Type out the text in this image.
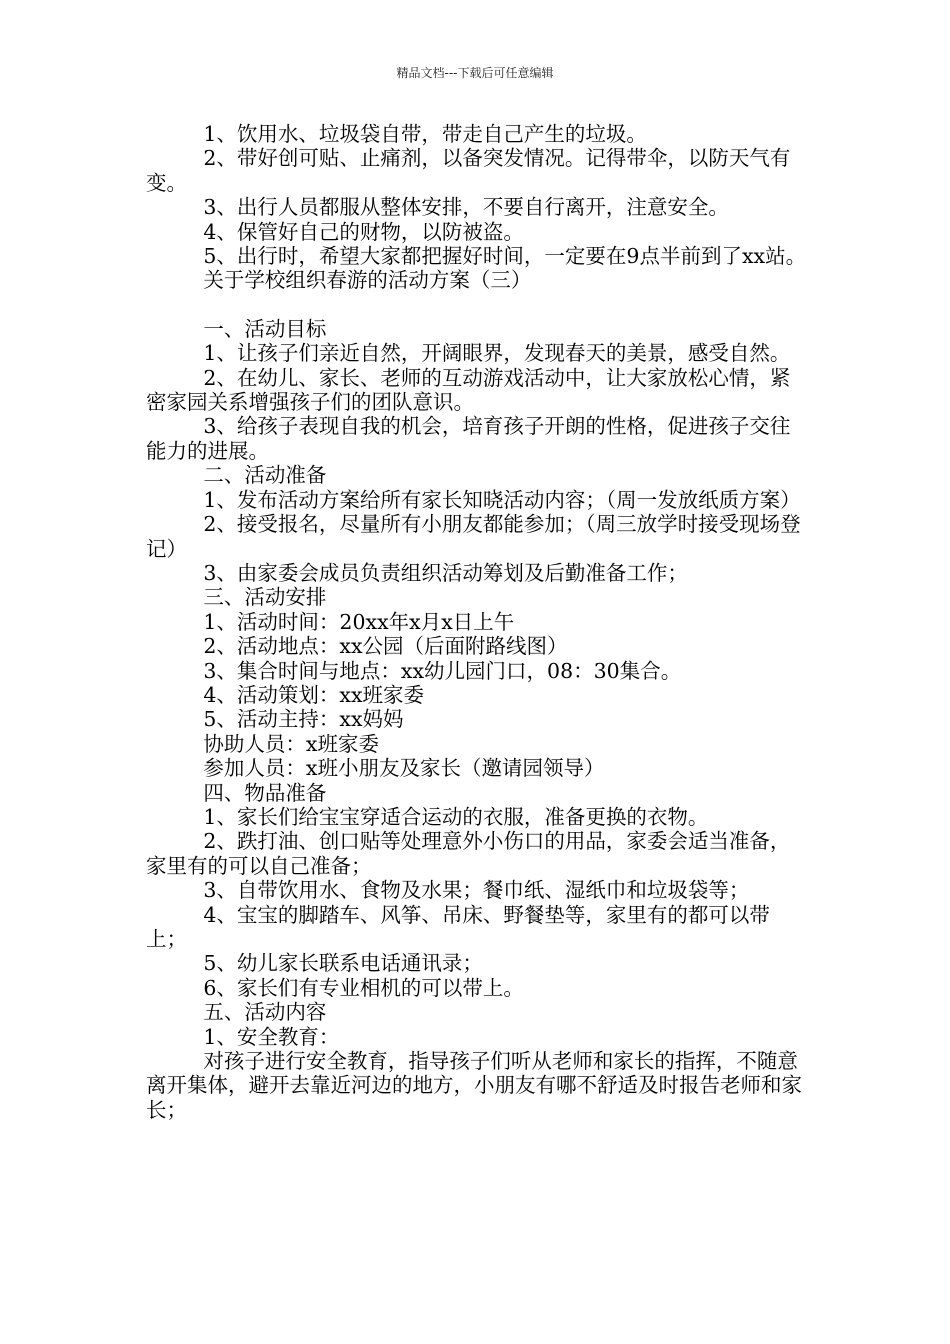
精品文档---下载后可任意编辑

1、饮用水、垃圾袋自带，带走自己产生的垃圾。

2、带好创可贴、止痛剂，以备突发情况。记得带伞，以防天气有变。

3、出行人员都服从整体安排，不要自行离开，注意安全。

4、保管好自己的财物，以防被盗。

5、出行时，希望大家都把握好时间，一定要在9点半前到了xx站。

关于学校组织春游的活动方案（三）

一、活动目标

1、让孩子们亲近自然，开阔眼界，发现春天的美景，感受自然。

2、在幼儿、家长、老师的互动游戏活动中，让大家放松心情，紧密家园关系增强孩子们的团队意识。

3、给孩子表现自我的机会，培育孩子开朗的性格，促进孩子交往能力的进展。

二、活动准备

1、发布活动方案给所有家长知晓活动内容；（周一发放纸质方案）

2、接受报名，尽量所有小朋友都能参加；（周三放学时接受现场登记）

3、由家委会成员负责组织活动筹划及后勤准备工作；

三、活动安排

1、活动时间：20xx年x月x日上午

2、活动地点：xx公园（后面附路线图）

3、集合时间与地点：xx幼儿园门口，08：30集合。

4、活动策划：xx班家委

5、活动主持：xx妈妈

协助人员：x班家委

参加人员：x班小朋友及家长（邀请园领导）

四、物品准备

1、家长们给宝宝穿适合运动的衣服，准备更换的衣物。

2、跌打油、创口贴等处理意外小伤口的用品，家委会适当准备，家里有的可以自己准备；

3、自带饮用水、食物及水果；餐巾纸、湿纸巾和垃圾袋等；

4、宝宝的脚踏车、风筝、吊床、野餐垫等，家里有的都可以带上；

5、幼儿家长联系电话通讯录；

6、家长们有专业相机的可以带上。

五、活动内容

1、安全教育：

对孩子进行安全教育，指导孩子们听从老师和家长的指挥，不随意离开集体，避开去靠近河边的地方，小朋友有哪不舒适及时报告老师和家长；
